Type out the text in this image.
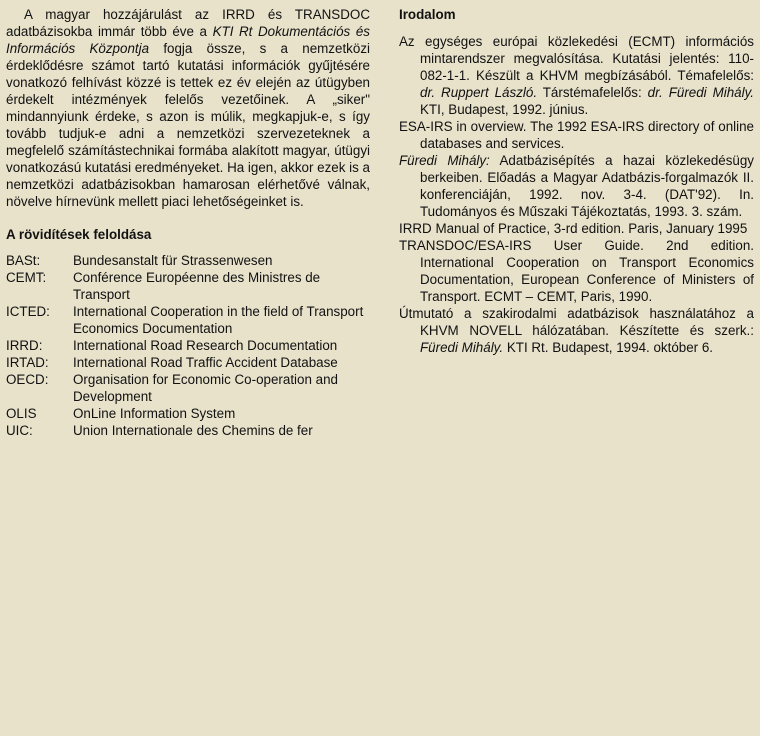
A magyar hozzájárulást az IRRD és TRANSDOC adatbázisokba immár több éve a KTI Rt Dokumentációs és Információs Központja fogja össze, s a nemzetközi érdeklődésre számot tartó kutatási információk gyűjtésére vonatkozó felhívást közzé is tettek ez év elején az útügyben érdekelt intézmények felelős vezetőinek. A „siker" mindannyiunk érdeke, s azon is múlik, megkapjuk-e, s így tovább tudjuk-e adni a nemzetközi szervezeteknek a megfelelő számítástechnikai formába alakított magyar, útügyi vonatkozású kutatási eredményeket. Ha igen, akkor ezek is a nemzetközi adatbázisokban hamarosan elérhetővé válnak, növelve hírnevünk mellett piaci lehetőségeinket is.

A rövidítések feloldása
BASt:	Bundesanstalt für Strassenwesen
CEMT:	Conférence Européenne des Ministres de Transport
ICTED:	International Cooperation in the field of Transport Economics Documentation
IRRD:	International Road Research Documentation
IRTAD:	International Road Traffic Accident Database
OECD:	Organisation for Economic Co-operation and Development
OLIS	OnLine Information System
UIC:	Union Internationale des Chemins de fer
Irodalom

Az egységes európai közlekedési (ECMT) információs mintarendszer megvalósítása. Kutatási jelentés: 110-082-1-1. Készült a KHVM megbízásából. Témafelelős: dr. Ruppert László. Társtémafelelős: dr. Füredi Mihály. KTI, Budapest, 1992. június.

ESA-IRS in overview. The 1992 ESA-IRS directory of online databases and services.

Füredi Mihály: Adatbázisépítés a hazai közlekedésügy berkeiben. Előadás a Magyar Adatbázis-forgalmazók II. konferenciáján, 1992. nov. 3-4. (DAT'92). In. Tudományos és Műszaki Tájékoztatás, 1993. 3. szám.

IRRD Manual of Practice, 3-rd edition. Paris, January 1995

TRANSDOC/ESA-IRS User Guide. 2nd edition. International Cooperation on Transport Economics Documentation, European Conference of Ministers of Transport. ECMT – CEMT, Paris, 1990.

Útmutató a szakirodalmi adatbázisok használatához a KHVM NOVELL hálózatában. Készítette és szerk.: Füredi Mihály. KTI Rt. Budapest, 1994. október 6.
